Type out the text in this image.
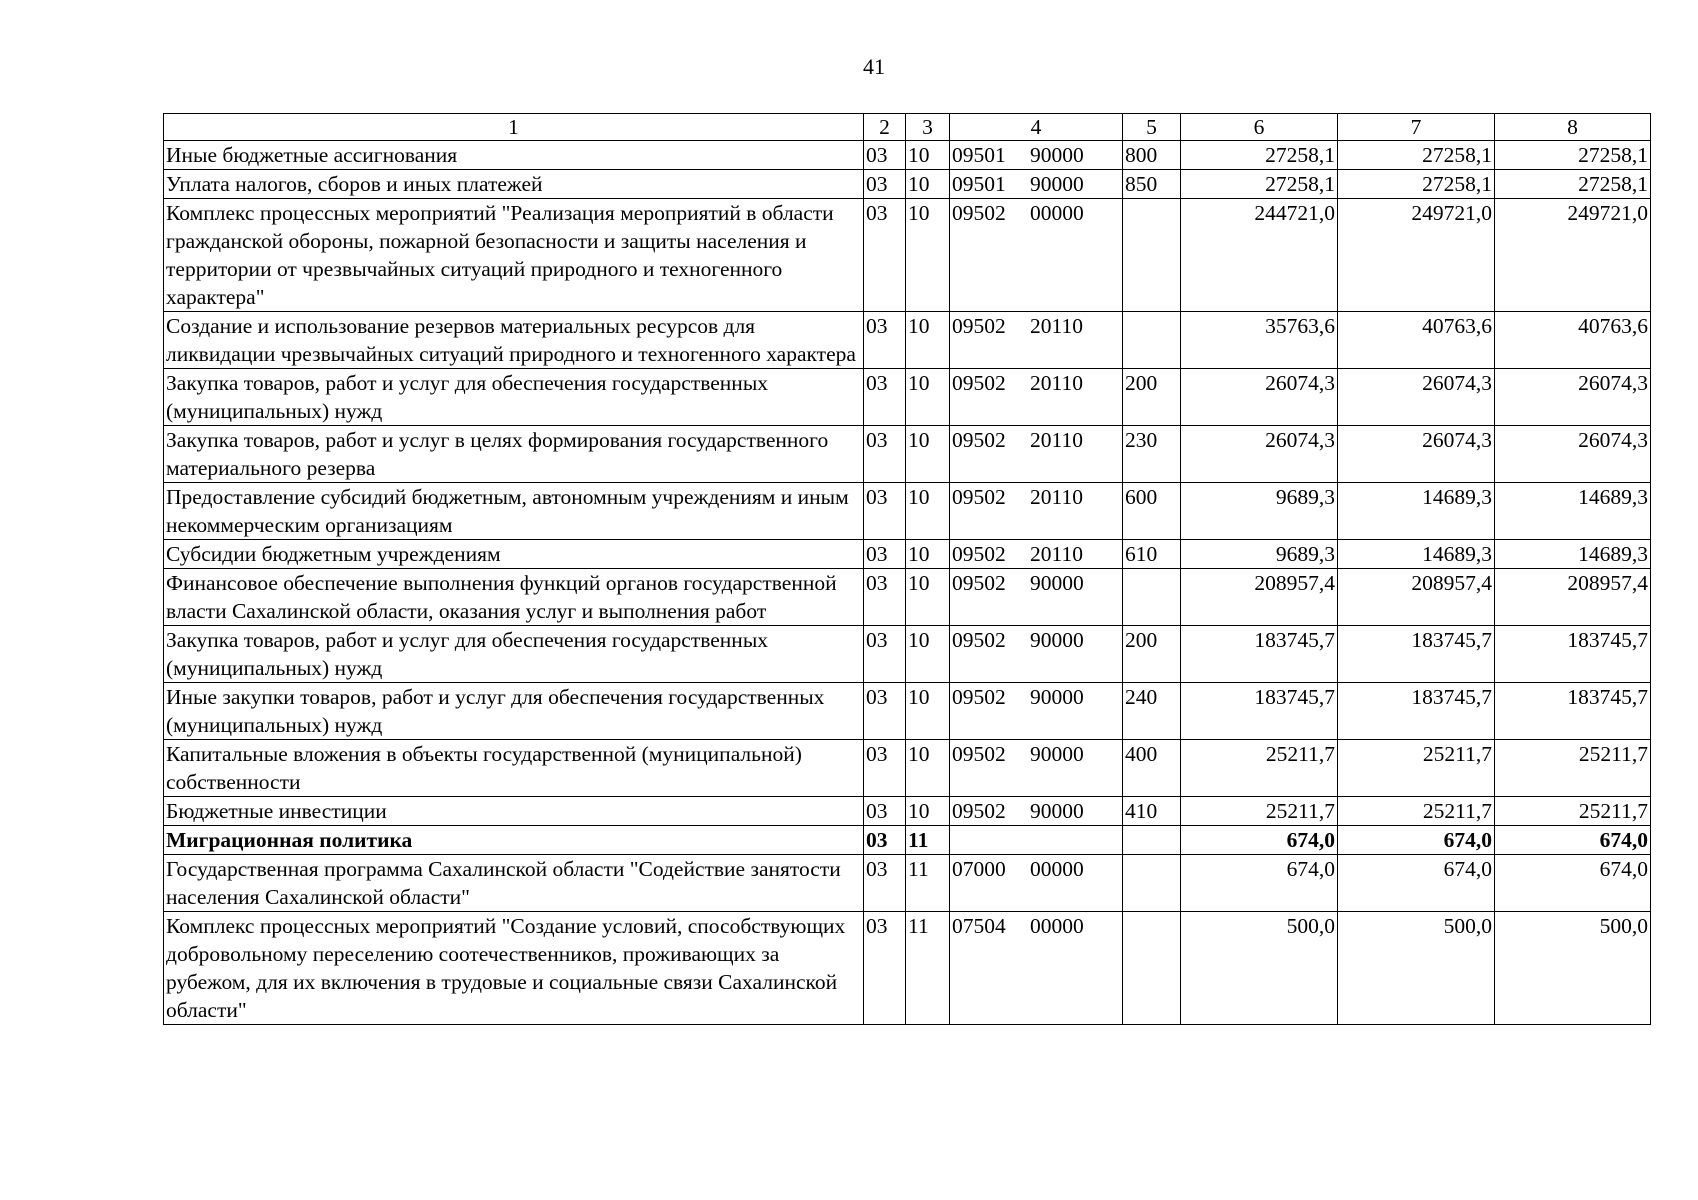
41
1	2	3	4	5	6	7	8
Иные бюджетные ассигнования	03	10	09501 90000	800	27258,1	27258,1	27258,1
Уплата налогов, сборов и иных платежей	03	10	09501 90000	850	27258,1	27258,1	27258,1
Комплекс процессных мероприятий "Реализация мероприятий в области гражданской обороны, пожарной безопасности и защиты населения и территории от чрезвычайных ситуаций природного и техногенного характера"	03	10	09502 00000		244721,0	249721,0	249721,0
Создание и использование резервов материальных ресурсов для ликвидации чрезвычайных ситуаций природного и техногенного характера	03	10	09502 20110		35763,6	40763,6	40763,6
Закупка товаров, работ и услуг для обеспечения государственных (муниципальных) нужд	03	10	09502 20110	200	26074,3	26074,3	26074,3
Закупка товаров, работ и услуг в целях формирования государственного материального резерва	03	10	09502 20110	230	26074,3	26074,3	26074,3
Предоставление субсидий бюджетным, автономным учреждениям и иным некоммерческим организациям	03	10	09502 20110	600	9689,3	14689,3	14689,3
Субсидии бюджетным учреждениям	03	10	09502 20110	610	9689,3	14689,3	14689,3
Финансовое обеспечение выполнения функций органов государственной власти Сахалинской области, оказания услуг и выполнения работ	03	10	09502 90000		208957,4	208957,4	208957,4
Закупка товаров, работ и услуг для обеспечения государственных (муниципальных) нужд	03	10	09502 90000	200	183745,7	183745,7	183745,7
Иные закупки товаров, работ и услуг для обеспечения государственных (муниципальных) нужд	03	10	09502 90000	240	183745,7	183745,7	183745,7
Капитальные вложения в объекты государственной (муниципальной) собственности	03	10	09502 90000	400	25211,7	25211,7	25211,7
Бюджетные инвестиции	03	10	09502 90000	410	25211,7	25211,7	25211,7
Миграционная политика	03	11			674,0	674,0	674,0
Государственная программа Сахалинской области "Содействие занятости населения Сахалинской области"	03	11	07000 00000		674,0	674,0	674,0
Комплекс процессных мероприятий "Создание условий, способствующих добровольному переселению соотечественников, проживающих за рубежом, для их включения в трудовые и социальные связи Сахалинской области"	03	11	07504 00000		500,0	500,0	500,0
